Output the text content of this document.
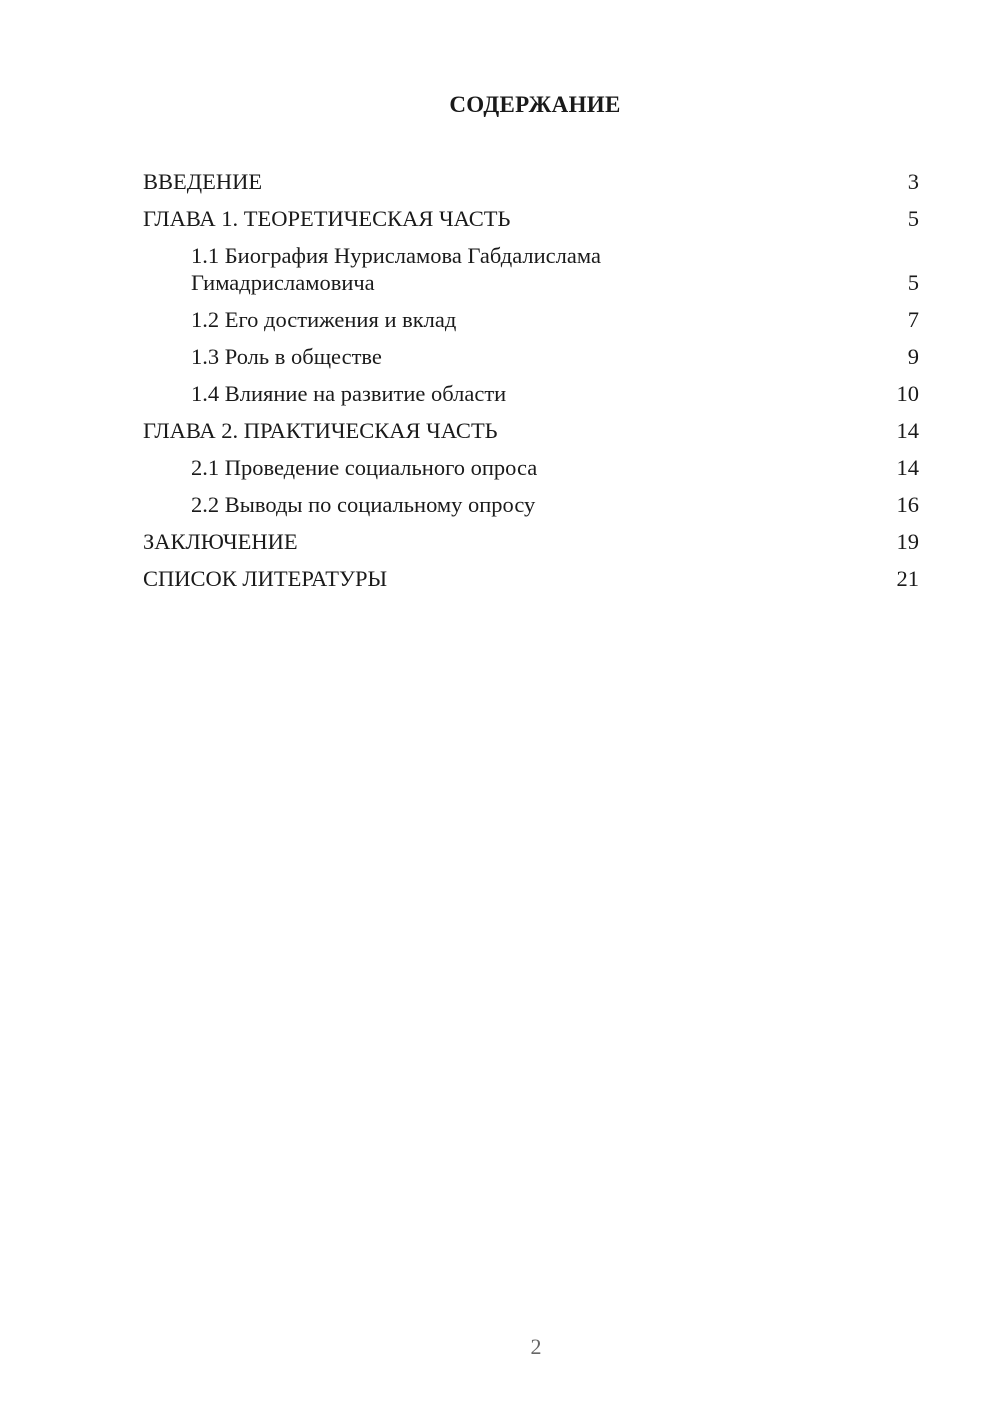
СОДЕРЖАНИЕ
ВВЕДЕНИЕ	3
ГЛАВА 1. ТЕОРЕТИЧЕСКАЯ ЧАСТЬ	5
1.1 Биография Нурисламова Габдалислама Гимадрисламовича	5
1.2 Его достижения и вклад	7
1.3 Роль в обществе	9
1.4 Влияние на развитие области	10
ГЛАВА 2. ПРАКТИЧЕСКАЯ ЧАСТЬ	14
2.1 Проведение социального опроса	14
2.2 Выводы по социальному опросу	16
ЗАКЛЮЧЕНИЕ	19
СПИСОК ЛИТЕРАТУРЫ	21
2
